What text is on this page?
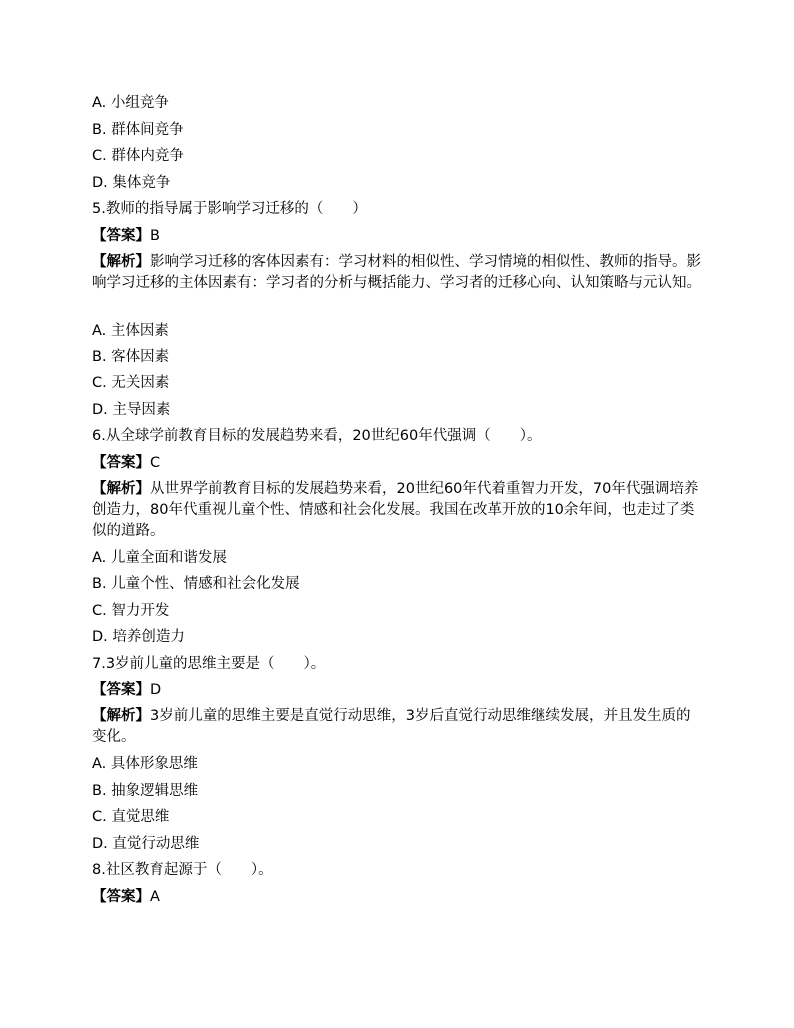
A. 小组竞争
B. 群体间竞争
C. 群体内竞争
D. 集体竞争
5.教师的指导属于影响学习迁移的（　　）
【答案】B
【解析】影响学习迁移的客体因素有：学习材料的相似性、学习情境的相似性、教师的指导。影响学习迁移的主体因素有：学习者的分析与概括能力、学习者的迁移心向、认知策略与元认知。
A. 主体因素
B. 客体因素
C. 无关因素
D. 主导因素
6.从全球学前教育目标的发展趋势来看，20世纪60年代强调（　　）。
【答案】C
【解析】从世界学前教育目标的发展趋势来看，20世纪60年代着重智力开发，70年代强调培养创造力，80年代重视儿童个性、情感和社会化发展。我国在改革开放的10余年间，也走过了类似的道路。
A. 儿童全面和谐发展
B. 儿童个性、情感和社会化发展
C. 智力开发
D. 培养创造力
7.3岁前儿童的思维主要是（　　）。
【答案】D
【解析】3岁前儿童的思维主要是直觉行动思维，3岁后直觉行动思维继续发展，并且发生质的变化。
A. 具体形象思维
B. 抽象逻辑思维
C. 直觉思维
D. 直觉行动思维
8.社区教育起源于（　　）。
【答案】A
